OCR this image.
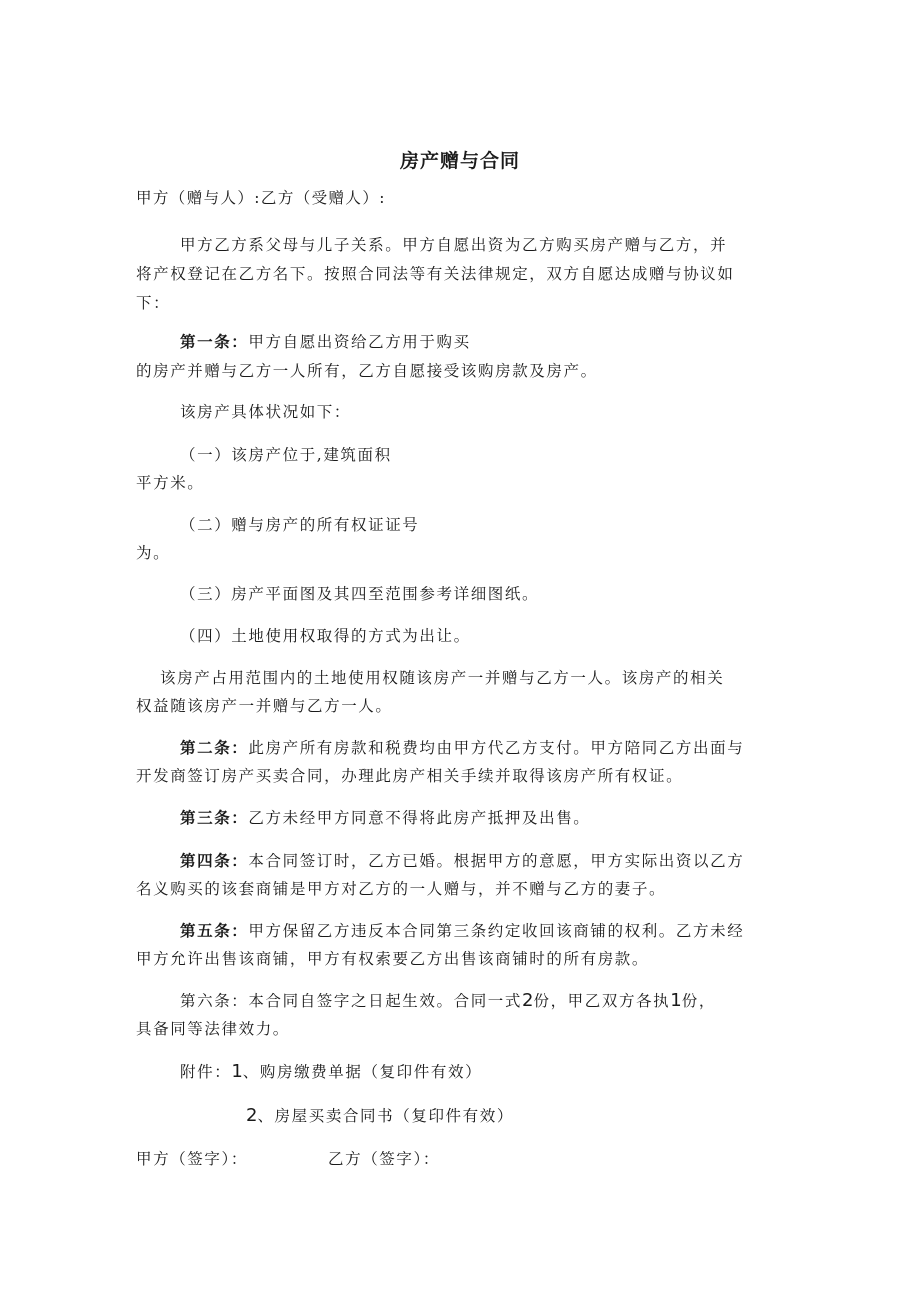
房产赠与合同
甲方（赠与人）:乙方（受赠人）:
甲方乙方系父母与儿子关系。甲方自愿出资为乙方购买房产赠与乙方，并
将产权登记在乙方名下。按照合同法等有关法律规定，双方自愿达成赠与协议如
下：
第一条：甲方自愿出资给乙方用于购买
的房产并赠与乙方一人所有，乙方自愿接受该购房款及房产。
该房产具体状况如下：
（一）该房产位于,建筑面积
平方米。
（二）赠与房产的所有权证证号
为。
（三）房产平面图及其四至范围参考详细图纸。
（四）土地使用权取得的方式为出让。
该房产占用范围内的土地使用权随该房产一并赠与乙方一人。该房产的相关
权益随该房产一并赠与乙方一人。
第二条：此房产所有房款和税费均由甲方代乙方支付。甲方陪同乙方出面与
开发商签订房产买卖合同，办理此房产相关手续并取得该房产所有权证。
第三条：乙方未经甲方同意不得将此房产抵押及出售。
第四条：本合同签订时，乙方已婚。根据甲方的意愿，甲方实际出资以乙方
名义购买的该套商铺是甲方对乙方的一人赠与，并不赠与乙方的妻子。
第五条：甲方保留乙方违反本合同第三条约定收回该商铺的权利。乙方未经
甲方允许出售该商铺，甲方有权索要乙方出售该商铺时的所有房款。
第六条：本合同自签字之日起生效。合同一式2份，甲乙双方各执1份，
具备同等法律效力。
附件：1、购房缴费单据（复印件有效）
2、房屋买卖合同书（复印件有效）
甲方（签字）：	乙方（签字）：
